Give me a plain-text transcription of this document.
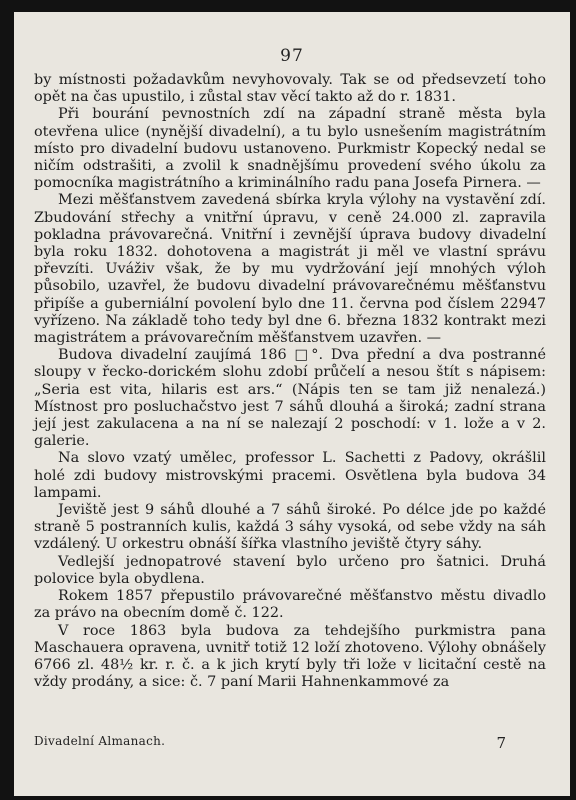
97

by místnosti požadavkům nevyhovovaly. Tak se od předsevzetí toho opět na čas upustilo, i zůstal stav věcí takto až do r. 1831.

Při bourání pevnostních zdí na západní straně města byla otevřena ulice (nynější divadelní), a tu bylo usnešením magistrátním místo pro divadelní budovu ustanoveno. Purkmistr Kopecký nedal se ničím odstrašiti, a zvolil k snadnějšímu provedení svého úkolu za pomocníka magistrátního a kriminálního radu pana Josefa Pirnera. —

Mezi měšťanstvem zavedená sbírka kryla výlohy na vystavění zdí. Zbudování střechy a vnitřní úpravu, v ceně 24.000 zl. zapravila pokladna právovarečná. Vnitřní i zevnější úprava budovy divadelní byla roku 1832. dohotovena a magistrát ji měl ve vlastní správu převzíti. Uváživ však, že by mu vydržování její mnohých výloh působilo, uzavřel, že budovu divadelní právovarečnému měšťanstvu připíše a guberniální povolení bylo dne 11. června pod číslem 22947 vyřízeno. Na základě toho tedy byl dne 6. března 1832 kontrakt mezi magistrátem a právovarečním měšťanstvem uzavřen. —

Budova divadelní zaujímá 186 □°. Dva přední a dva postranné sloupy v řecko-dorickém slohu zdobí průčelí a nesou štít s nápisem: „Seria est vita, hilaris est ars.“ (Nápis ten se tam již nenalezá.) Místnost pro posluchačstvo jest 7 sáhů dlouhá a široká; zadní strana její jest zakulacena a na ní se nalezají 2 poschodí: v 1. lože a v 2. galerie.

Na slovo vzatý umělec, professor L. Sachetti z Padovy, okrášlil holé zdi budovy mistrovskými pracemi. Osvětlena byla budova 34 lampami.

Jeviště jest 9 sáhů dlouhé a 7 sáhů široké. Po délce jde po každé straně 5 postranních kulis, každá 3 sáhy vysoká, od sebe vždy na sáh vzdálený. U orkestru obnáší šířka vlastního jeviště čtyry sáhy.

Vedlejší jednopatrové stavení bylo určeno pro šatnici. Druhá polovice byla obydlena.

Rokem 1857 přepustilo právovarečné měšťanstvo městu divadlo za právo na obecním domě č. 122.

V roce 1863 byla budova za tehdejšího purkmistra pana Maschauera opravena, uvnitř totiž 12 loží zhotoveno. Výlohy obnášely 6766 zl. 48½ kr. r. č. a k jich krytí byly tři lože v licitační cestě na vždy prodány, a sice: č. 7 paní Marii Hahnenkammové za

Divadelní Almanach.	7
